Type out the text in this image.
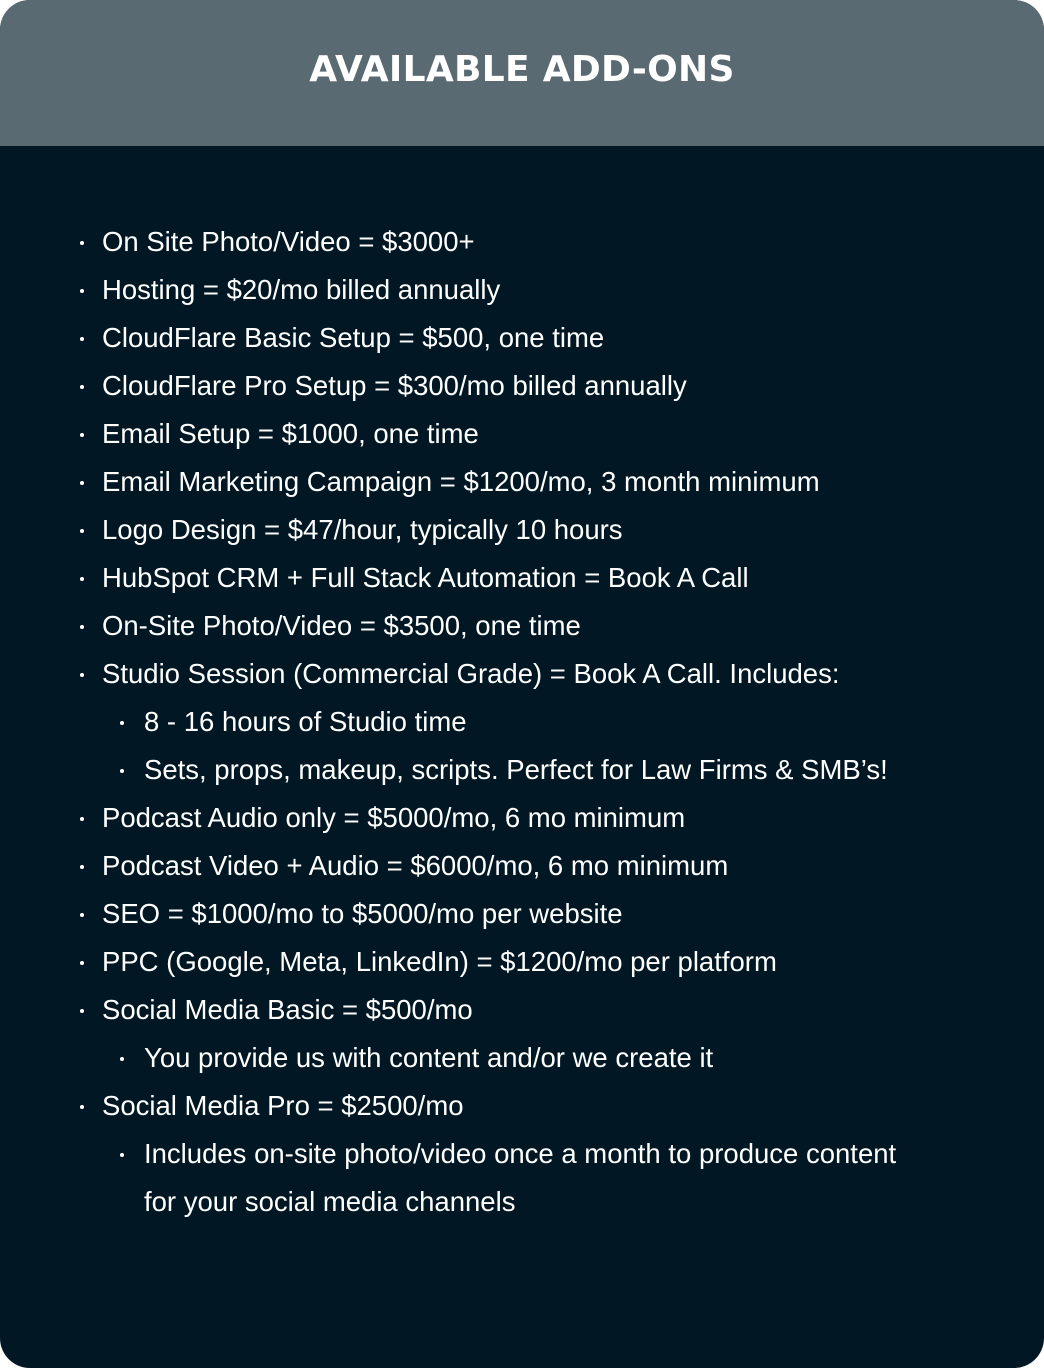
AVAILABLE ADD-ONS
On Site Photo/Video = $3000+
Hosting = $20/mo billed annually
CloudFlare Basic Setup = $500, one time
CloudFlare Pro Setup = $300/mo billed annually
Email Setup = $1000, one time
Email Marketing Campaign = $1200/mo, 3 month minimum
Logo Design = $47/hour, typically 10 hours
HubSpot CRM + Full Stack Automation = Book A Call
On-Site Photo/Video = $3500, one time
Studio Session (Commercial Grade) = Book A Call. Includes:
8 - 16 hours of Studio time
Sets, props, makeup, scripts. Perfect for Law Firms & SMB’s!
Podcast Audio only = $5000/mo, 6 mo minimum
Podcast Video + Audio = $6000/mo, 6 mo minimum
SEO = $1000/mo to $5000/mo per website
PPC (Google, Meta, LinkedIn) = $1200/mo per platform
Social Media Basic = $500/mo
You provide us with content and/or we create it
Social Media Pro = $2500/mo
Includes on-site photo/video once a month to produce content for your social media channels
